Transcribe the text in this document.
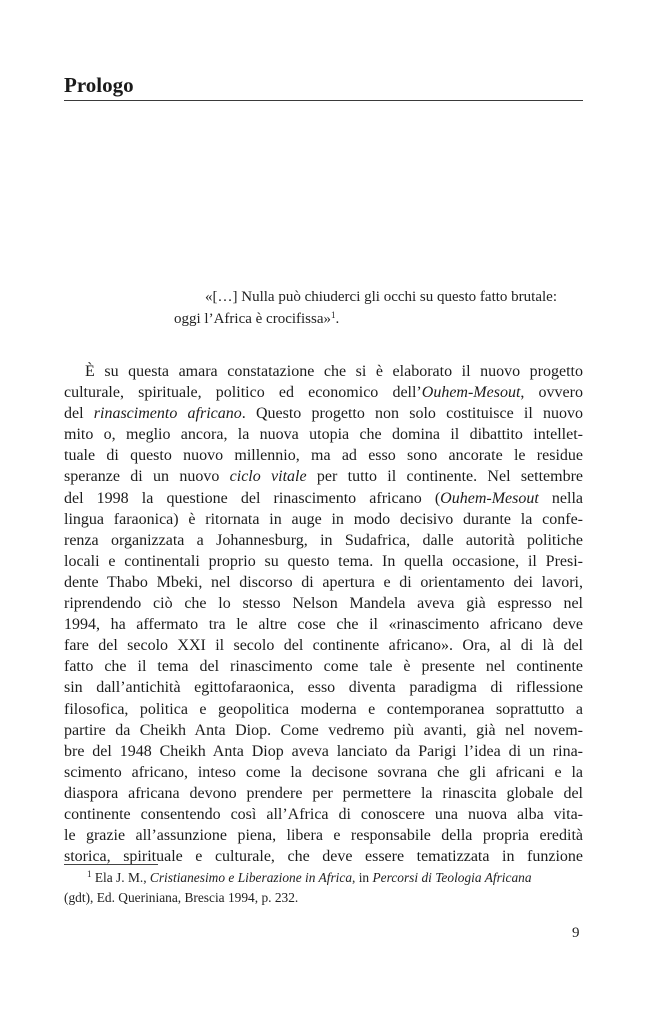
Prologo
«[…] Nulla può chiuderci gli occhi su questo fatto brutale:
oggi l’Africa è crocifissa»$^1$.
È su questa amara constatazione che si è elaborato il nuovo progetto
culturale, spirituale, politico ed economico dell’Ouhem-Mesout, ovvero
del rinascimento africano. Questo progetto non solo costituisce il nuovo
mito o, meglio ancora, la nuova utopia che domina il dibattito intellet-
tuale di questo nuovo millennio, ma ad esso sono ancorate le residue
speranze di un nuovo ciclo vitale per tutto il continente. Nel settembre
del 1998 la questione del rinascimento africano (Ouhem-Mesout nella
lingua faraonica) è ritornata in auge in modo decisivo durante la confe-
renza organizzata a Johannesburg, in Sudafrica, dalle autorità politiche
locali e continentali proprio su questo tema. In quella occasione, il Presi-
dente Thabo Mbeki, nel discorso di apertura e di orientamento dei lavori,
riprendendo ciò che lo stesso Nelson Mandela aveva già espresso nel
1994, ha affermato tra le altre cose che il «rinascimento africano deve
fare del secolo XXI il secolo del continente africano». Ora, al di là del
fatto che il tema del rinascimento come tale è presente nel continente
sin dall’antichità egittofaraonica, esso diventa paradigma di riflessione
filosofica, politica e geopolitica moderna e contemporanea soprattutto a
partire da Cheikh Anta Diop. Come vedremo più avanti, già nel novem-
bre del 1948 Cheikh Anta Diop aveva lanciato da Parigi l’idea di un rina-
scimento africano, inteso come la decisone sovrana che gli africani e la
diaspora africana devono prendere per permettere la rinascita globale del
continente consentendo così all’Africa di conoscere una nuova alba vita-
le grazie all’assunzione piena, libera e responsabile della propria eredità
storica, spirituale e culturale, che deve essere tematizzata in funzione
$^1$ Ela J. M., Cristianesimo e Liberazione in Africa, in Percorsi di Teologia Africana
(gdt), Ed. Queriniana, Brescia 1994, p. 232.
9
